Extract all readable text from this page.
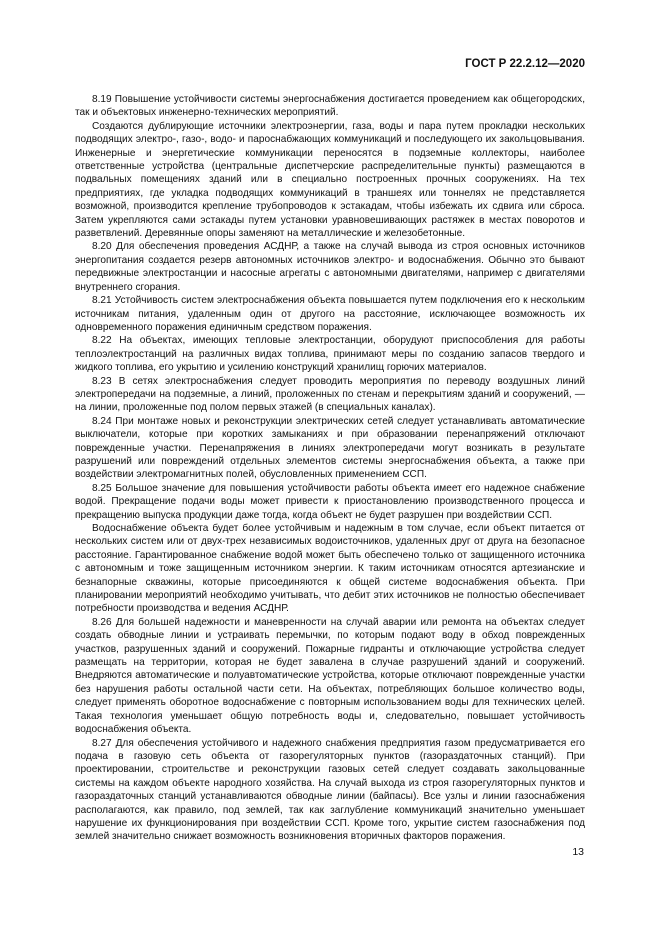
ГОСТ Р 22.2.12—2020

8.19 Повышение устойчивости системы энергоснабжения достигается проведением как общегородских, так и объектовых инженерно-технических мероприятий.

Создаются дублирующие источники электроэнергии, газа, воды и пара путем прокладки нескольких подводящих электро-, газо-, водо- и пароснабжающих коммуникаций и последующего их закольцовывания. Инженерные и энергетические коммуникации переносятся в подземные коллекторы, наиболее ответственные устройства (центральные диспетчерские распределительные пункты) размещаются в подвальных помещениях зданий или в специально построенных прочных сооружениях. На тех предприятиях, где укладка подводящих коммуникаций в траншеях или тоннелях не представляется возможной, производится крепление трубопроводов к эстакадам, чтобы избежать их сдвига или сброса. Затем укрепляются сами эстакады путем установки уравновешивающих растяжек в местах поворотов и разветвлений. Деревянные опоры заменяют на металлические и железобетонные.

8.20 Для обеспечения проведения АСДНР, а также на случай вывода из строя основных источников энергопитания создается резерв автономных источников электро- и водоснабжения. Обычно это бывают передвижные электростанции и насосные агрегаты с автономными двигателями, например с двигателями внутреннего сгорания.

8.21 Устойчивость систем электроснабжения объекта повышается путем подключения его к нескольким источникам питания, удаленным один от другого на расстояние, исключающее возможность их одновременного поражения единичным средством поражения.

8.22 На объектах, имеющих тепловые электростанции, оборудуют приспособления для работы теплоэлектростанций на различных видах топлива, принимают меры по созданию запасов твердого и жидкого топлива, его укрытию и усилению конструкций хранилищ горючих материалов.

8.23 В сетях электроснабжения следует проводить мероприятия по переводу воздушных линий электропередачи на подземные, а линий, проложенных по стенам и перекрытиям зданий и сооружений, — на линии, проложенные под полом первых этажей (в специальных каналах).

8.24 При монтаже новых и реконструкции электрических сетей следует устанавливать автоматические выключатели, которые при коротких замыканиях и при образовании перенапряжений отключают поврежденные участки. Перенапряжения в линиях электропередачи могут возникать в результате разрушений или повреждений отдельных элементов системы энергоснабжения объекта, а также при воздействии электромагнитных полей, обусловленных применением ССП.

8.25 Большое значение для повышения устойчивости работы объекта имеет его надежное снабжение водой. Прекращение подачи воды может привести к приостановлению производственного процесса и прекращению выпуска продукции даже тогда, когда объект не будет разрушен при воздействии ССП.

Водоснабжение объекта будет более устойчивым и надежным в том случае, если объект питается от нескольких систем или от двух-трех независимых водоисточников, удаленных друг от друга на безопасное расстояние. Гарантированное снабжение водой может быть обеспечено только от защищенного источника с автономным и тоже защищенным источником энергии. К таким источникам относятся артезианские и безнапорные скважины, которые присоединяются к общей системе водоснабжения объекта. При планировании мероприятий необходимо учитывать, что дебит этих источников не полностью обеспечивает потребности производства и ведения АСДНР.

8.26 Для большей надежности и маневренности на случай аварии или ремонта на объектах следует создать обводные линии и устраивать перемычки, по которым подают воду в обход поврежденных участков, разрушенных зданий и сооружений. Пожарные гидранты и отключающие устройства следует размещать на территории, которая не будет завалена в случае разрушений зданий и сооружений. Внедряются автоматические и полуавтоматические устройства, которые отключают поврежденные участки без нарушения работы остальной части сети. На объектах, потребляющих большое количество воды, следует применять оборотное водоснабжение с повторным использованием воды для технических целей. Такая технология уменьшает общую потребность воды и, следовательно, повышает устойчивость водоснабжения объекта.

8.27 Для обеспечения устойчивого и надежного снабжения предприятия газом предусматривается его подача в газовую сеть объекта от газорегуляторных пунктов (газораздаточных станций). При проектировании, строительстве и реконструкции газовых сетей следует создавать закольцованные системы на каждом объекте народного хозяйства. На случай выхода из строя газорегуляторных пунктов и газораздаточных станций устанавливаются обводные линии (байпасы). Все узлы и линии газоснабжения располагаются, как правило, под землей, так как заглубление коммуникаций значительно уменьшает нарушение их функционирования при воздействии ССП. Кроме того, укрытие систем газоснабжения под землей значительно снижает возможность возникновения вторичных факторов поражения.

13
